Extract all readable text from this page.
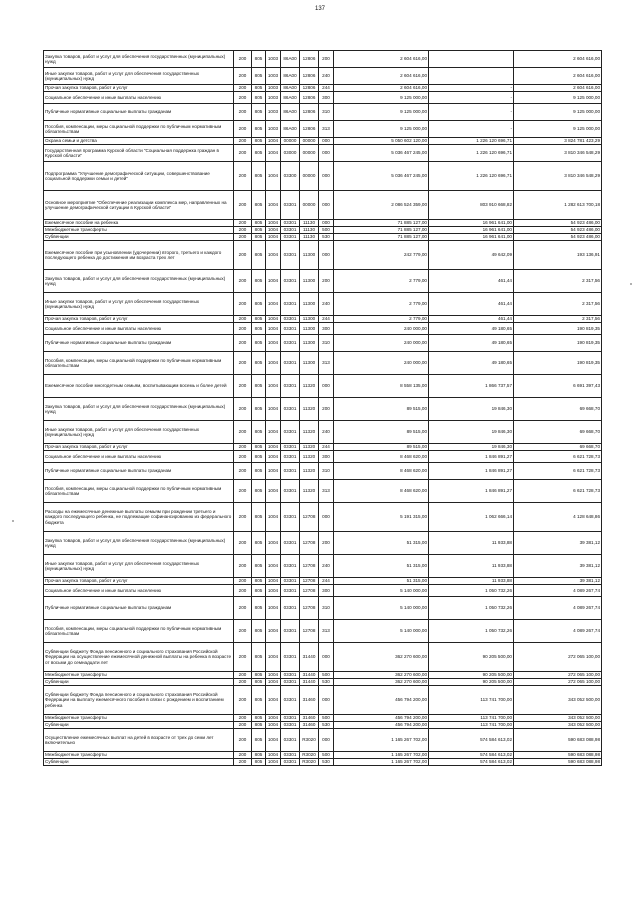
137
Закупка товаров, работ и услуг для обеспечения государственных (муниципальных) нужд	200	805	1003	86А00	12806	200	2 604 616,00		2 604 616,00
Иные закупки товаров, работ и услуг для обеспечения государственных (муниципальных) нужд	200	805	1003	86А00	12806	240	2 604 616,00		2 604 616,00
Прочая закупка товаров, работ и услуг	200	805	1003	86А00	12806	244	2 604 616,00	-	2 604 616,00
Социальное обеспечение и иные выплаты населению	200	805	1003	86А00	12806	300	9 125 000,00	-	9 125 000,00
Публичные нормативные социальные выплаты гражданам	200	805	1003	86А00	12806	310	9 125 000,00	-	9 125 000,00
Пособия, компенсации, меры социальной поддержки по публичным нормативным обязательствам	200	805	1003	86А00	12806	313	9 125 000,00	-	9 125 000,00
Охрана семьи и детства	200	805	1004	00000	00000	000	5 050 602 120,00	1 226 120 696,71	3 824 781 423,29
Государственная программа Курской области "Социальная поддержка граждан в Курской области"	200	805	1004	03000	00000	000	5 036 467 245,00	1 226 120 696,71	3 810 346 548,29
Подпрограмма "Улучшение демографической ситуации, совершенствование социальной поддержки семьи и детей"	200	805	1004	03300	00000	000	5 036 467 245,00	1 226 120 696,71	3 810 346 548,29
Основное мероприятие "Обеспечение реализации комплекса мер, направленных на улучшение демографической ситуации в Курской области"	200	805	1004	03301	00000	000	2 086 524 359,00	803 910 668,82	1 282 613 700,18
Ежемесячное пособие на ребенка	200	805	1004	03301	11130	000	71 885 127,00	16 961 641,00	54 923 486,00
Межбюджетные трансферты	200	805	1004	03301	11130	500	71 885 127,00	16 961 641,00	54 923 486,00
Субвенции	200	805	1004	03301	11130	530	71 885 127,00	16 961 641,00	54 923 486,00
Ежемесячное пособие при усыновлении (удочерении) второго, третьего и каждого последующего ребенка до достижения им возраста трех лет	200	805	1004	03301	11300	000	242 779,00	49 642,09	193 136,91
Закупка товаров, работ и услуг для обеспечения государственных (муниципальных) нужд	200	805	1004	03301	11300	200	2 779,00	461,44	2 317,56
Иные закупки товаров, работ и услуг для обеспечения государственных (муниципальных) нужд	200	805	1004	03301	11300	240	2 779,00	461,44	2 317,56
Прочая закупка товаров, работ и услуг	200	805	1004	03301	11300	244	2 779,00	461,44	2 317,56
Социальное обеспечение и иные выплаты населению	200	805	1004	03301	11300	300	240 000,00	49 180,65	190 819,35
Публичные нормативные социальные выплаты гражданам	200	805	1004	03301	11300	310	240 000,00	49 180,65	190 819,35
Пособия, компенсации, меры социальной поддержки по публичным нормативным обязательствам	200	805	1004	03301	11300	313	240 000,00	49 180,65	190 819,35
Ежемесячное пособие многодетным семьям, воспитывающим восемь и более детей	200	805	1004	03301	11320	000	8 558 135,00	1 866 737,57	6 691 397,43
Закупка товаров, работ и услуг для обеспечения государственных (муниципальных) нужд	200	805	1004	03301	11320	200	89 515,00	19 846,30	69 668,70
Иные закупки товаров, работ и услуг для обеспечения государственных (муниципальных) нужд	200	805	1004	03301	11320	240	89 515,00	19 846,30	69 668,70
Прочая закупка товаров, работ и услуг	200	805	1004	03301	11320	244	89 515,00	19 846,30	69 668,70
Социальное обеспечение и иные выплаты населению	200	805	1004	03301	11320	300	8 468 620,00	1 846 891,27	6 621 728,73
Публичные нормативные социальные выплаты гражданам	200	805	1004	03301	11320	310	8 468 620,00	1 846 891,27	6 621 728,73
Пособия, компенсации, меры социальной поддержки по публичным нормативным обязательствам	200	805	1004	03301	11320	313	8 468 620,00	1 846 891,27	6 621 728,73
Расходы на ежемесячные денежные выплаты семьям при рождении третьего и каждого последующего ребенка, не подлежащие софинансированию из федерального бюджета	200	805	1004	03301	12708	000	5 191 315,00	1 062 666,14	4 128 648,86
Закупка товаров, работ и услуг для обеспечения государственных (муниципальных) нужд	200	805	1004	03301	12708	200	51 315,00	11 933,88	39 381,12
Иные закупки товаров, работ и услуг для обеспечения государственных (муниципальных) нужд	200	805	1004	03301	12708	240	51 315,00	11 933,88	39 381,12
Прочая закупка товаров, работ и услуг	200	805	1004	03301	12708	244	51 315,00	11 933,88	39 381,12
Социальное обеспечение и иные выплаты населению	200	805	1004	03301	12708	300	5 140 000,00	1 050 732,26	4 089 267,74
Публичные нормативные социальные выплаты гражданам	200	805	1004	03301	12708	310	5 140 000,00	1 050 732,26	4 089 267,74
Пособия, компенсации, меры социальной поддержки по публичным нормативным обязательствам	200	805	1004	03301	12708	313	5 140 000,00	1 050 732,26	4 089 267,74
Субвенции бюджету Фонда пенсионного и социального страхования Российской Федерации на осуществление ежемесячной денежной выплаты на ребенка в возрасте от восьми до семнадцати лет	200	805	1004	03301	31440	000	362 270 600,00	90 205 500,00	272 065 100,00
Межбюджетные трансферты	200	805	1004	03301	31440	500	362 270 600,00	90 205 500,00	272 065 100,00
Субвенции	200	805	1004	03301	31440	530	362 270 600,00	90 205 500,00	272 065 100,00
Субвенции бюджету Фонда пенсионного и социального страхования Российской Федерации на выплату ежемесячного пособия в связи с рождением и воспитанием ребенка	200	805	1004	03301	31460	000	456 794 200,00	113 741 700,00	343 052 500,00
Межбюджетные трансферты	200	805	1004	03301	31460	500	456 794 200,00	113 741 700,00	343 052 500,00
Субвенции	200	805	1004	03301	31460	530	456 794 200,00	113 741 700,00	343 052 500,00
Осуществление ежемесячных выплат на детей в возрасте от трех до семи лет включительно	200	805	1004	03301	R3020	000	1 165 267 702,00	574 584 613,02	590 683 088,98
Межбюджетные трансферты	200	805	1004	03301	R3020	500	1 165 267 702,00	574 584 613,02	590 683 088,98
Субвенции	200	805	1004	03301	R3020	530	1 165 267 702,00	574 584 613,02	590 683 088,98
